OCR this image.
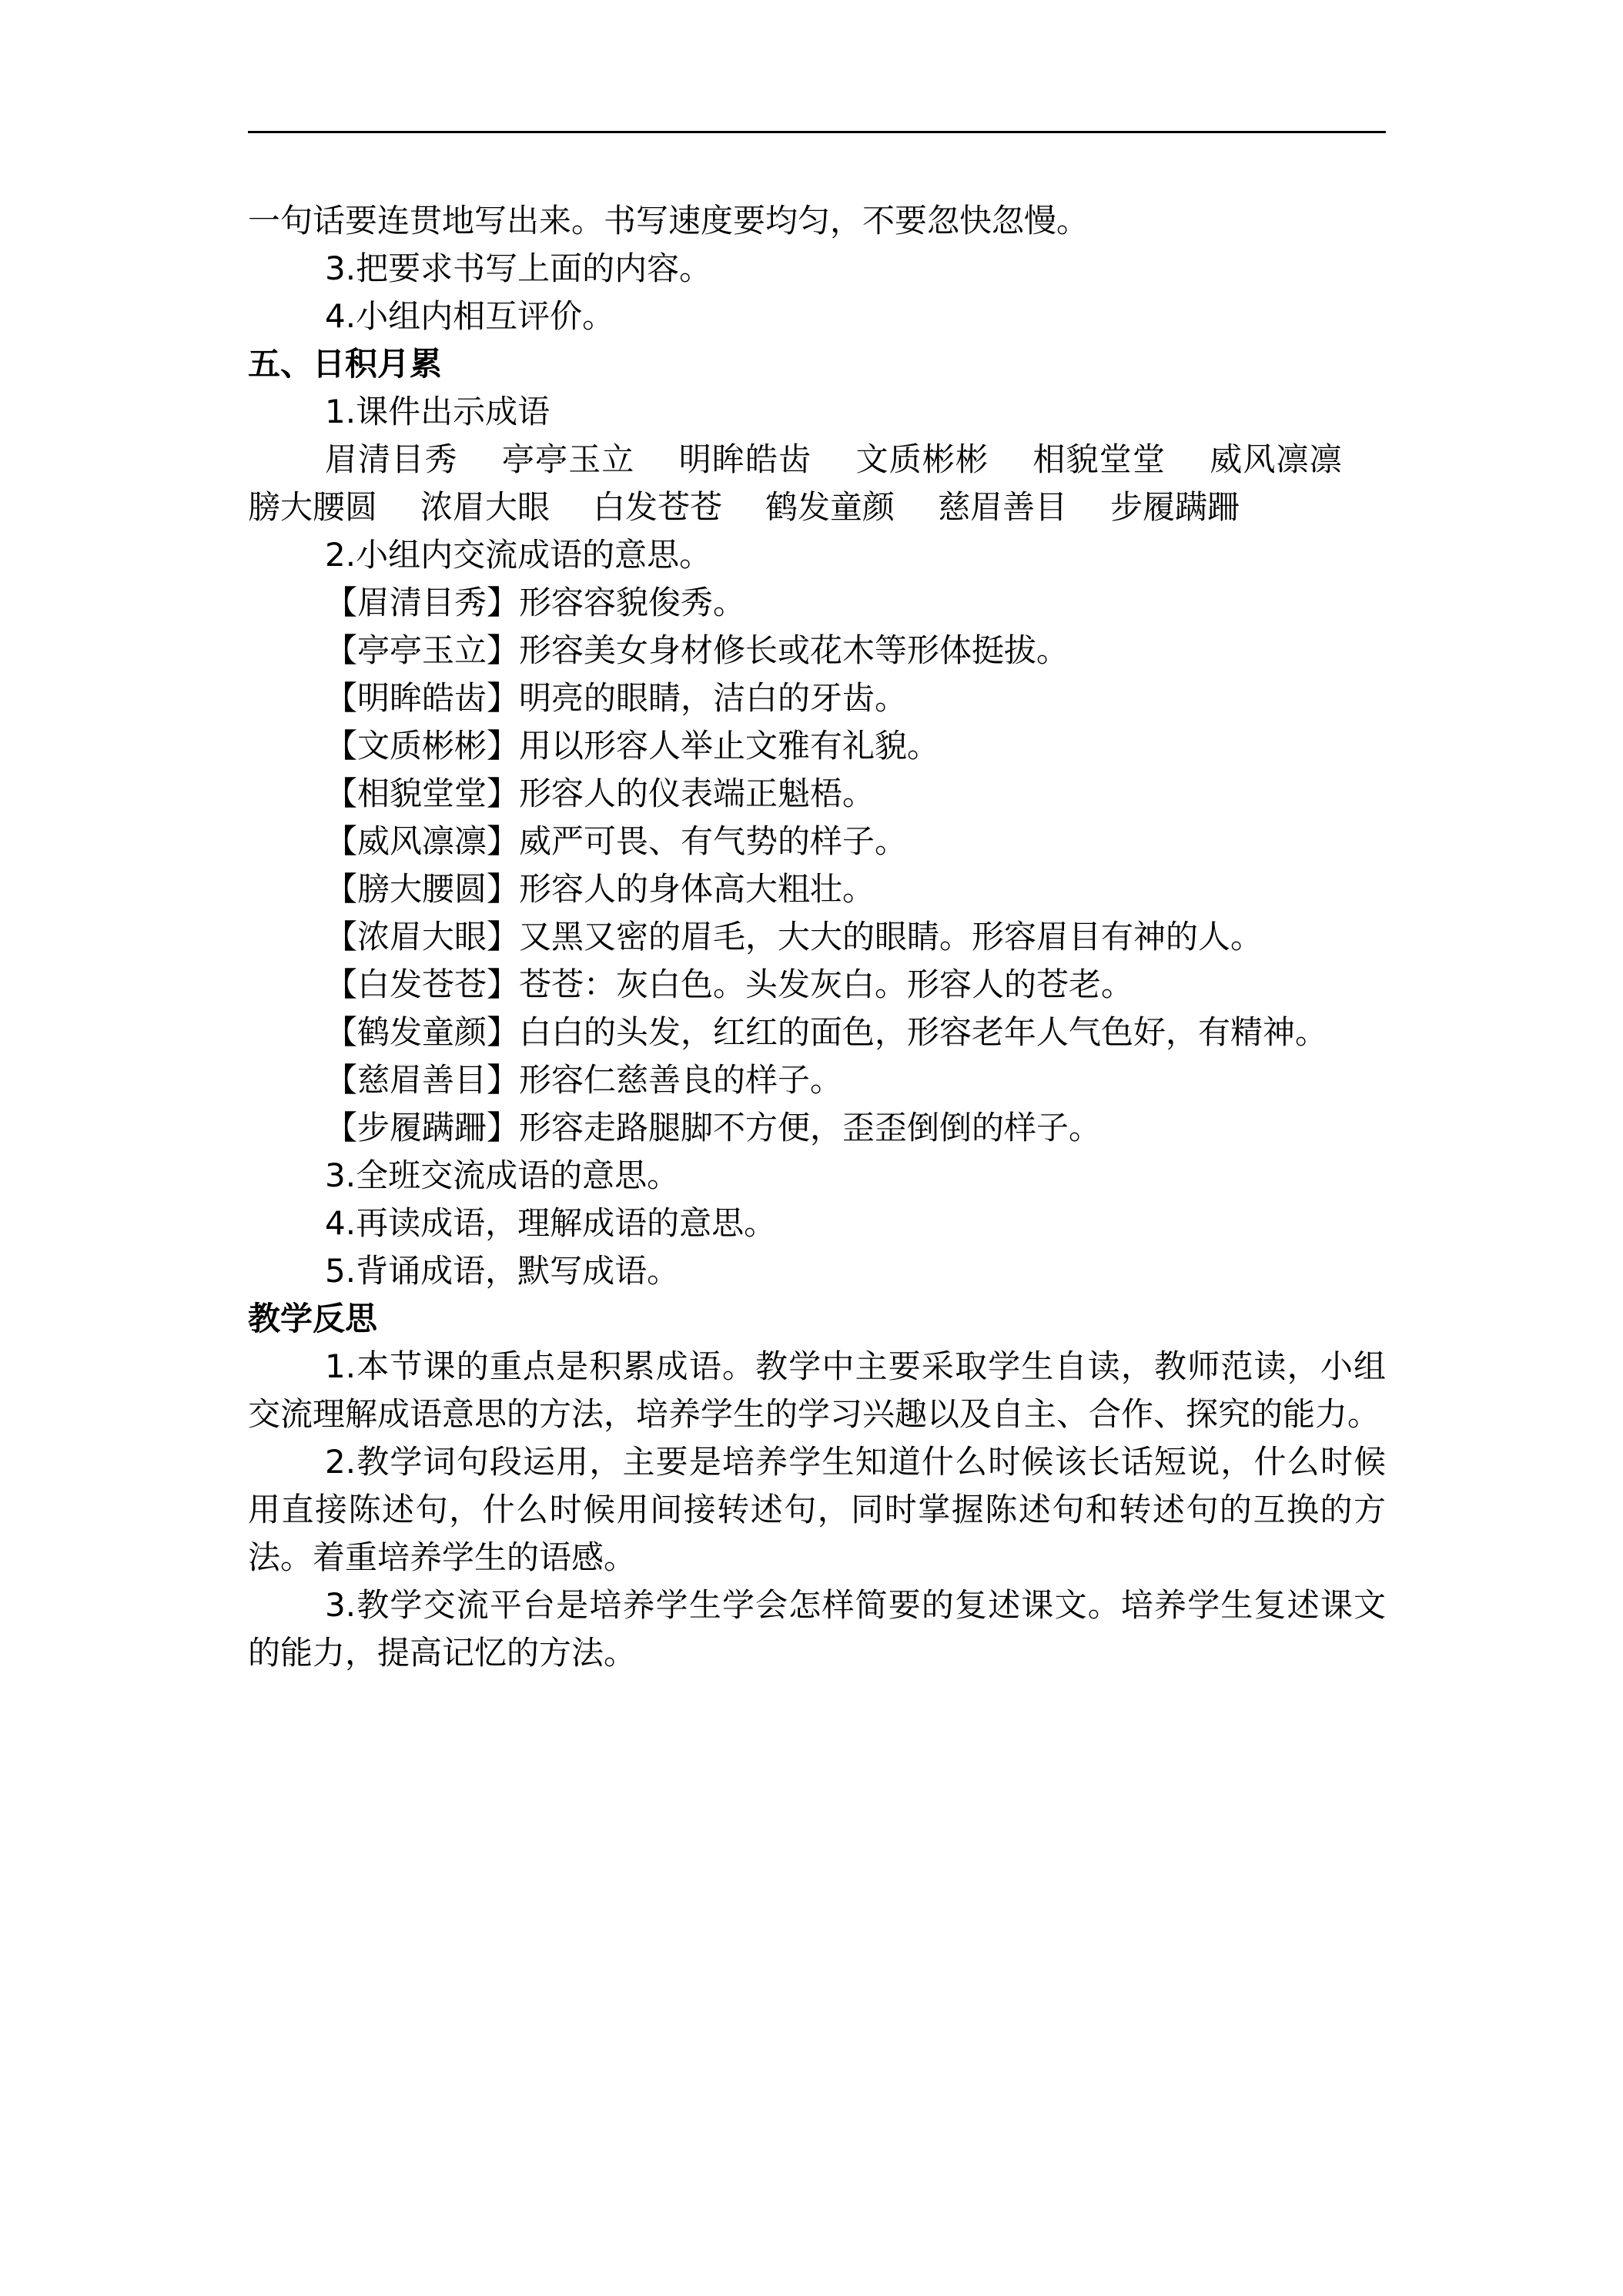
一句话要连贯地写出来。书写速度要均匀，不要忽快忽慢。

3.把要求书写上面的内容。

4.小组内相互评价。

五、日积月累

1.课件出示成语

眉清目秀 亭亭玉立 明眸皓齿 文质彬彬 相貌堂堂 威风凛凛膀大腰圆 浓眉大眼 白发苍苍 鹤发童颜 慈眉善目 步履蹒跚

2.小组内交流成语的意思。

【眉清目秀】形容容貌俊秀。

【亭亭玉立】形容美女身材修长或花木等形体挺拔。

【明眸皓齿】明亮的眼睛，洁白的牙齿。

【文质彬彬】用以形容人举止文雅有礼貌。

【相貌堂堂】形容人的仪表端正魁梧。

【威风凛凛】威严可畏、有气势的样子。

【膀大腰圆】形容人的身体高大粗壮。

【浓眉大眼】又黑又密的眉毛，大大的眼睛。形容眉目有神的人。

【白发苍苍】苍苍：灰白色。头发灰白。形容人的苍老。

【鹤发童颜】白白的头发，红红的面色，形容老年人气色好，有精神。

【慈眉善目】形容仁慈善良的样子。

【步履蹒跚】形容走路腿脚不方便，歪歪倒倒的样子。

3.全班交流成语的意思。

4.再读成语，理解成语的意思。

5.背诵成语，默写成语。

教学反思

1.本节课的重点是积累成语。教学中主要采取学生自读，教师范读，小组交流理解成语意思的方法，培养学生的学习兴趣以及自主、合作、探究的能力。

2.教学词句段运用，主要是培养学生知道什么时候该长话短说，什么时候用直接陈述句，什么时候用间接转述句，同时掌握陈述句和转述句的互换的方法。着重培养学生的语感。

3.教学交流平台是培养学生学会怎样简要的复述课文。培养学生复述课文的能力，提高记忆的方法。
